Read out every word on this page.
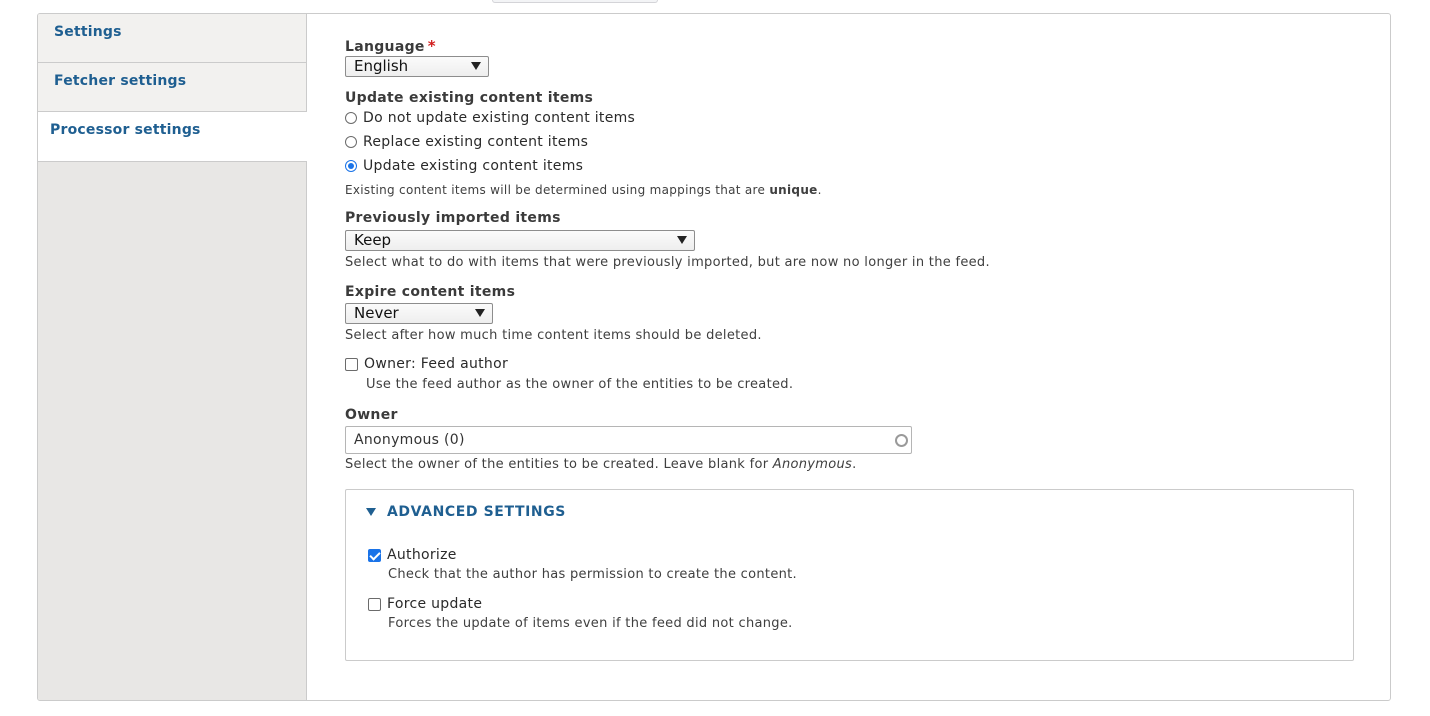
Settings
Fetcher settings
Processor settings
Language *
English
Update existing content items
Do not update existing content items
Replace existing content items
Update existing content items
Existing content items will be determined using mappings that are unique.
Previously imported items
Keep
Select what to do with items that were previously imported, but are now no longer in the feed.
Expire content items
Never
Select after how much time content items should be deleted.
Owner: Feed author
Use the feed author as the owner of the entities to be created.
Owner
Anonymous (0)
Select the owner of the entities to be created. Leave blank for Anonymous.
ADVANCED SETTINGS
Authorize
Check that the author has permission to create the content.
Force update
Forces the update of items even if the feed did not change.
